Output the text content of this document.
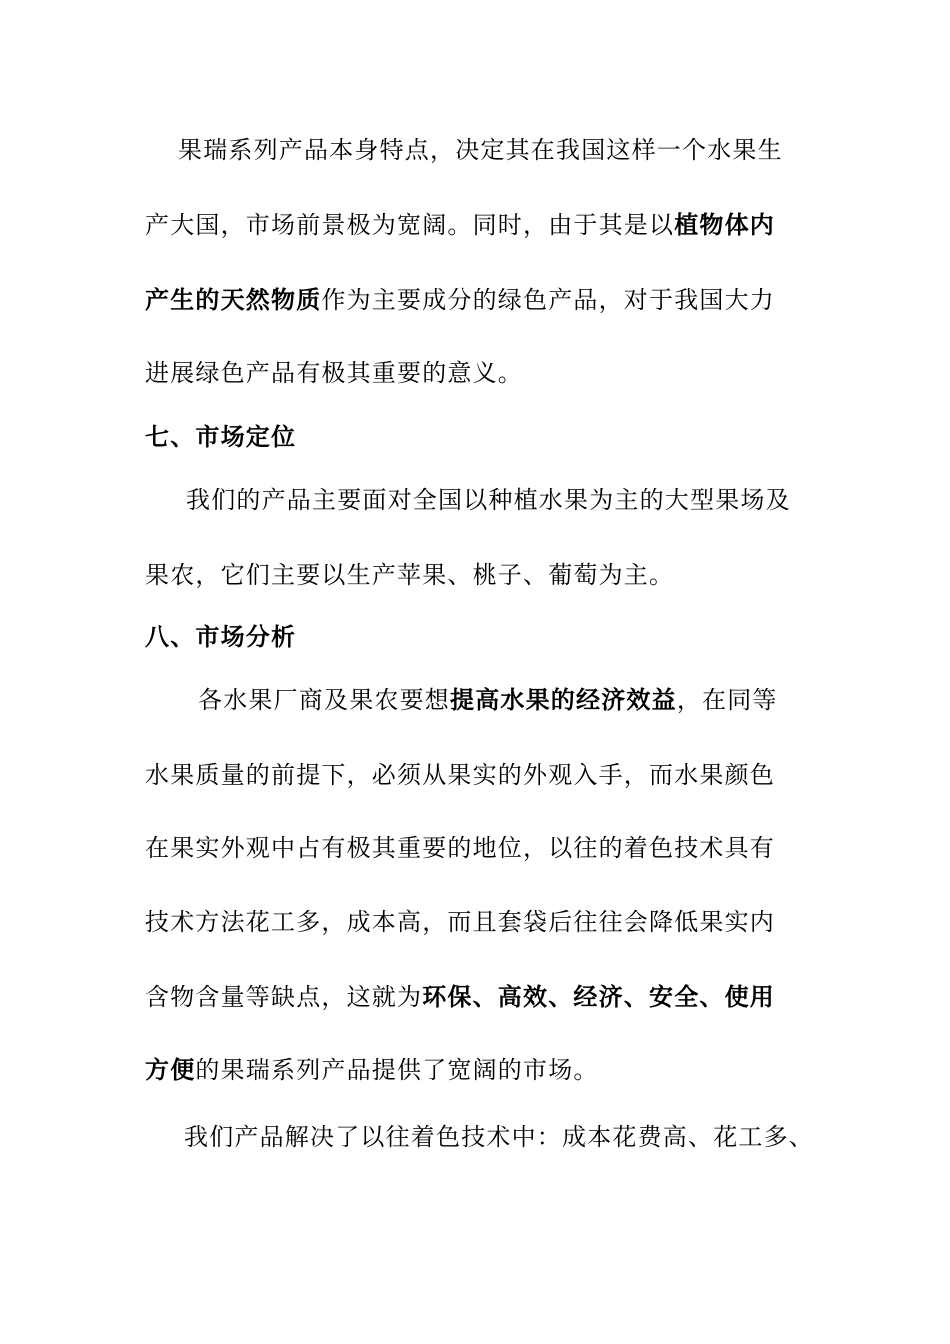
果瑞系列产品本身特点，决定其在我国这样一个水果生
产大国，市场前景极为宽阔。同时，由于其是以植物体内
产生的天然物质作为主要成分的绿色产品，对于我国大力
进展绿色产品有极其重要的意义。
七、市场定位
我们的产品主要面对全国以种植水果为主的大型果场及
果农，它们主要以生产苹果、桃子、葡萄为主。
八、市场分析
各水果厂商及果农要想提高水果的经济效益，在同等
水果质量的前提下，必须从果实的外观入手，而水果颜色
在果实外观中占有极其重要的地位，以往的着色技术具有
技术方法花工多，成本高，而且套袋后往往会降低果实内
含物含量等缺点，这就为环保、高效、经济、安全、使用
方便的果瑞系列产品提供了宽阔的市场。
我们产品解决了以往着色技术中：成本花费高、花工多、
